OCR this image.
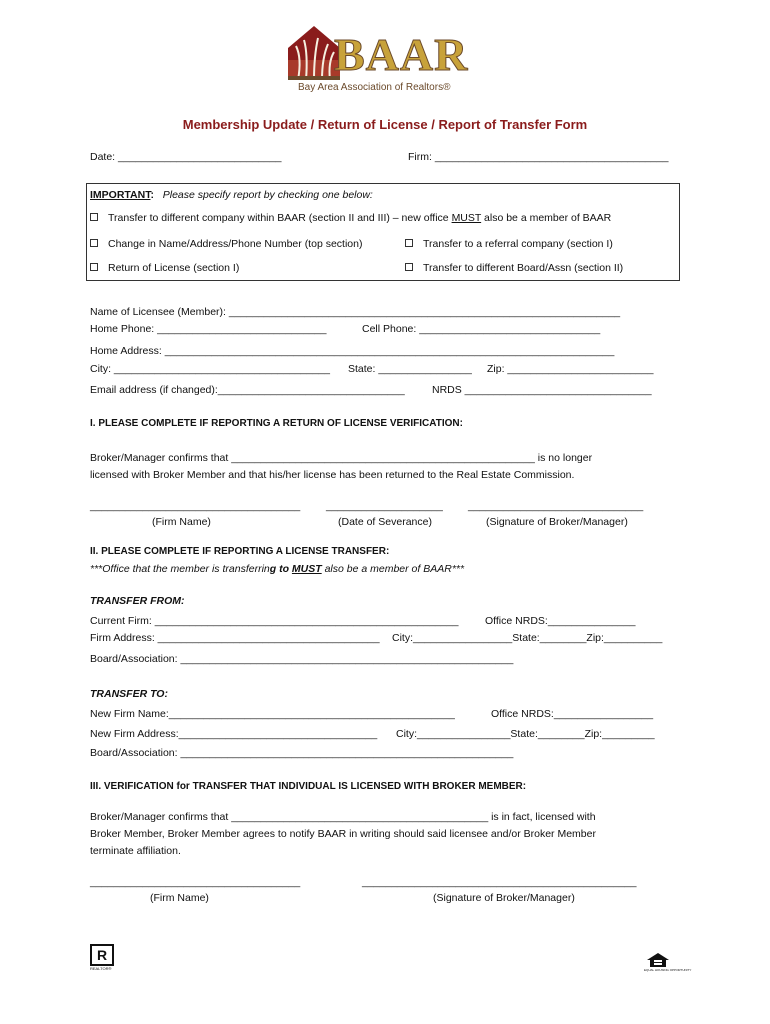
BAAR
Bay Area Association of Realtors®
Membership Update / Return of License / Report of Transfer Form
Date: ____________________________	Firm: ________________________________________
IMPORTANT: Please specify report by checking one below:
Transfer to different company within BAAR (section II and III) – new office MUST also be a member of BAAR
Change in Name/Address/Phone Number (top section)	Transfer to a referral company (section I)
Return of License (section I)	Transfer to different Board/Assn (section II)
Name of Licensee (Member): ___________________________________________________________________
Home Phone: _____________________________	Cell Phone: _______________________________
Home Address: _____________________________________________________________________________
City: _____________________________________ State: ________________ Zip: _________________________
Email address (if changed):________________________________	NRDS ________________________________
I. PLEASE COMPLETE IF REPORTING A RETURN OF LICENSE VERIFICATION:
Broker/Manager confirms that ____________________________________________________ is no longer
licensed with Broker Member and that his/her license has been returned to the Real Estate Commission.
____________________________________ ____________________ ______________________________
(Firm Name)	(Date of Severance)	(Signature of Broker/Manager)
II. PLEASE COMPLETE IF REPORTING A LICENSE TRANSFER:
***Office that the member is transferring to MUST also be a member of BAAR***
TRANSFER FROM:
Current Firm: ____________________________________________________	Office NRDS:_______________
Firm Address: ______________________________________ City:_________________State:________Zip:__________
Board/Association: _________________________________________________________
TRANSFER TO:
New Firm Name:_________________________________________________	Office NRDS:_________________
New Firm Address:__________________________________ City:________________State:________Zip:_________
Board/Association: _________________________________________________________
III. VERIFICATION for TRANSFER THAT INDIVIDUAL IS LICENSED WITH BROKER MEMBER:
Broker/Manager confirms that ____________________________________________ is in fact, licensed with
Broker Member, Broker Member agrees to notify BAAR in writing should said licensee and/or Broker Member
terminate affiliation.
____________________________________	_______________________________________________
(Firm Name)	(Signature of Broker/Manager)
R
REALTOR®	EQUAL HOUSING OPPORTUNITY
